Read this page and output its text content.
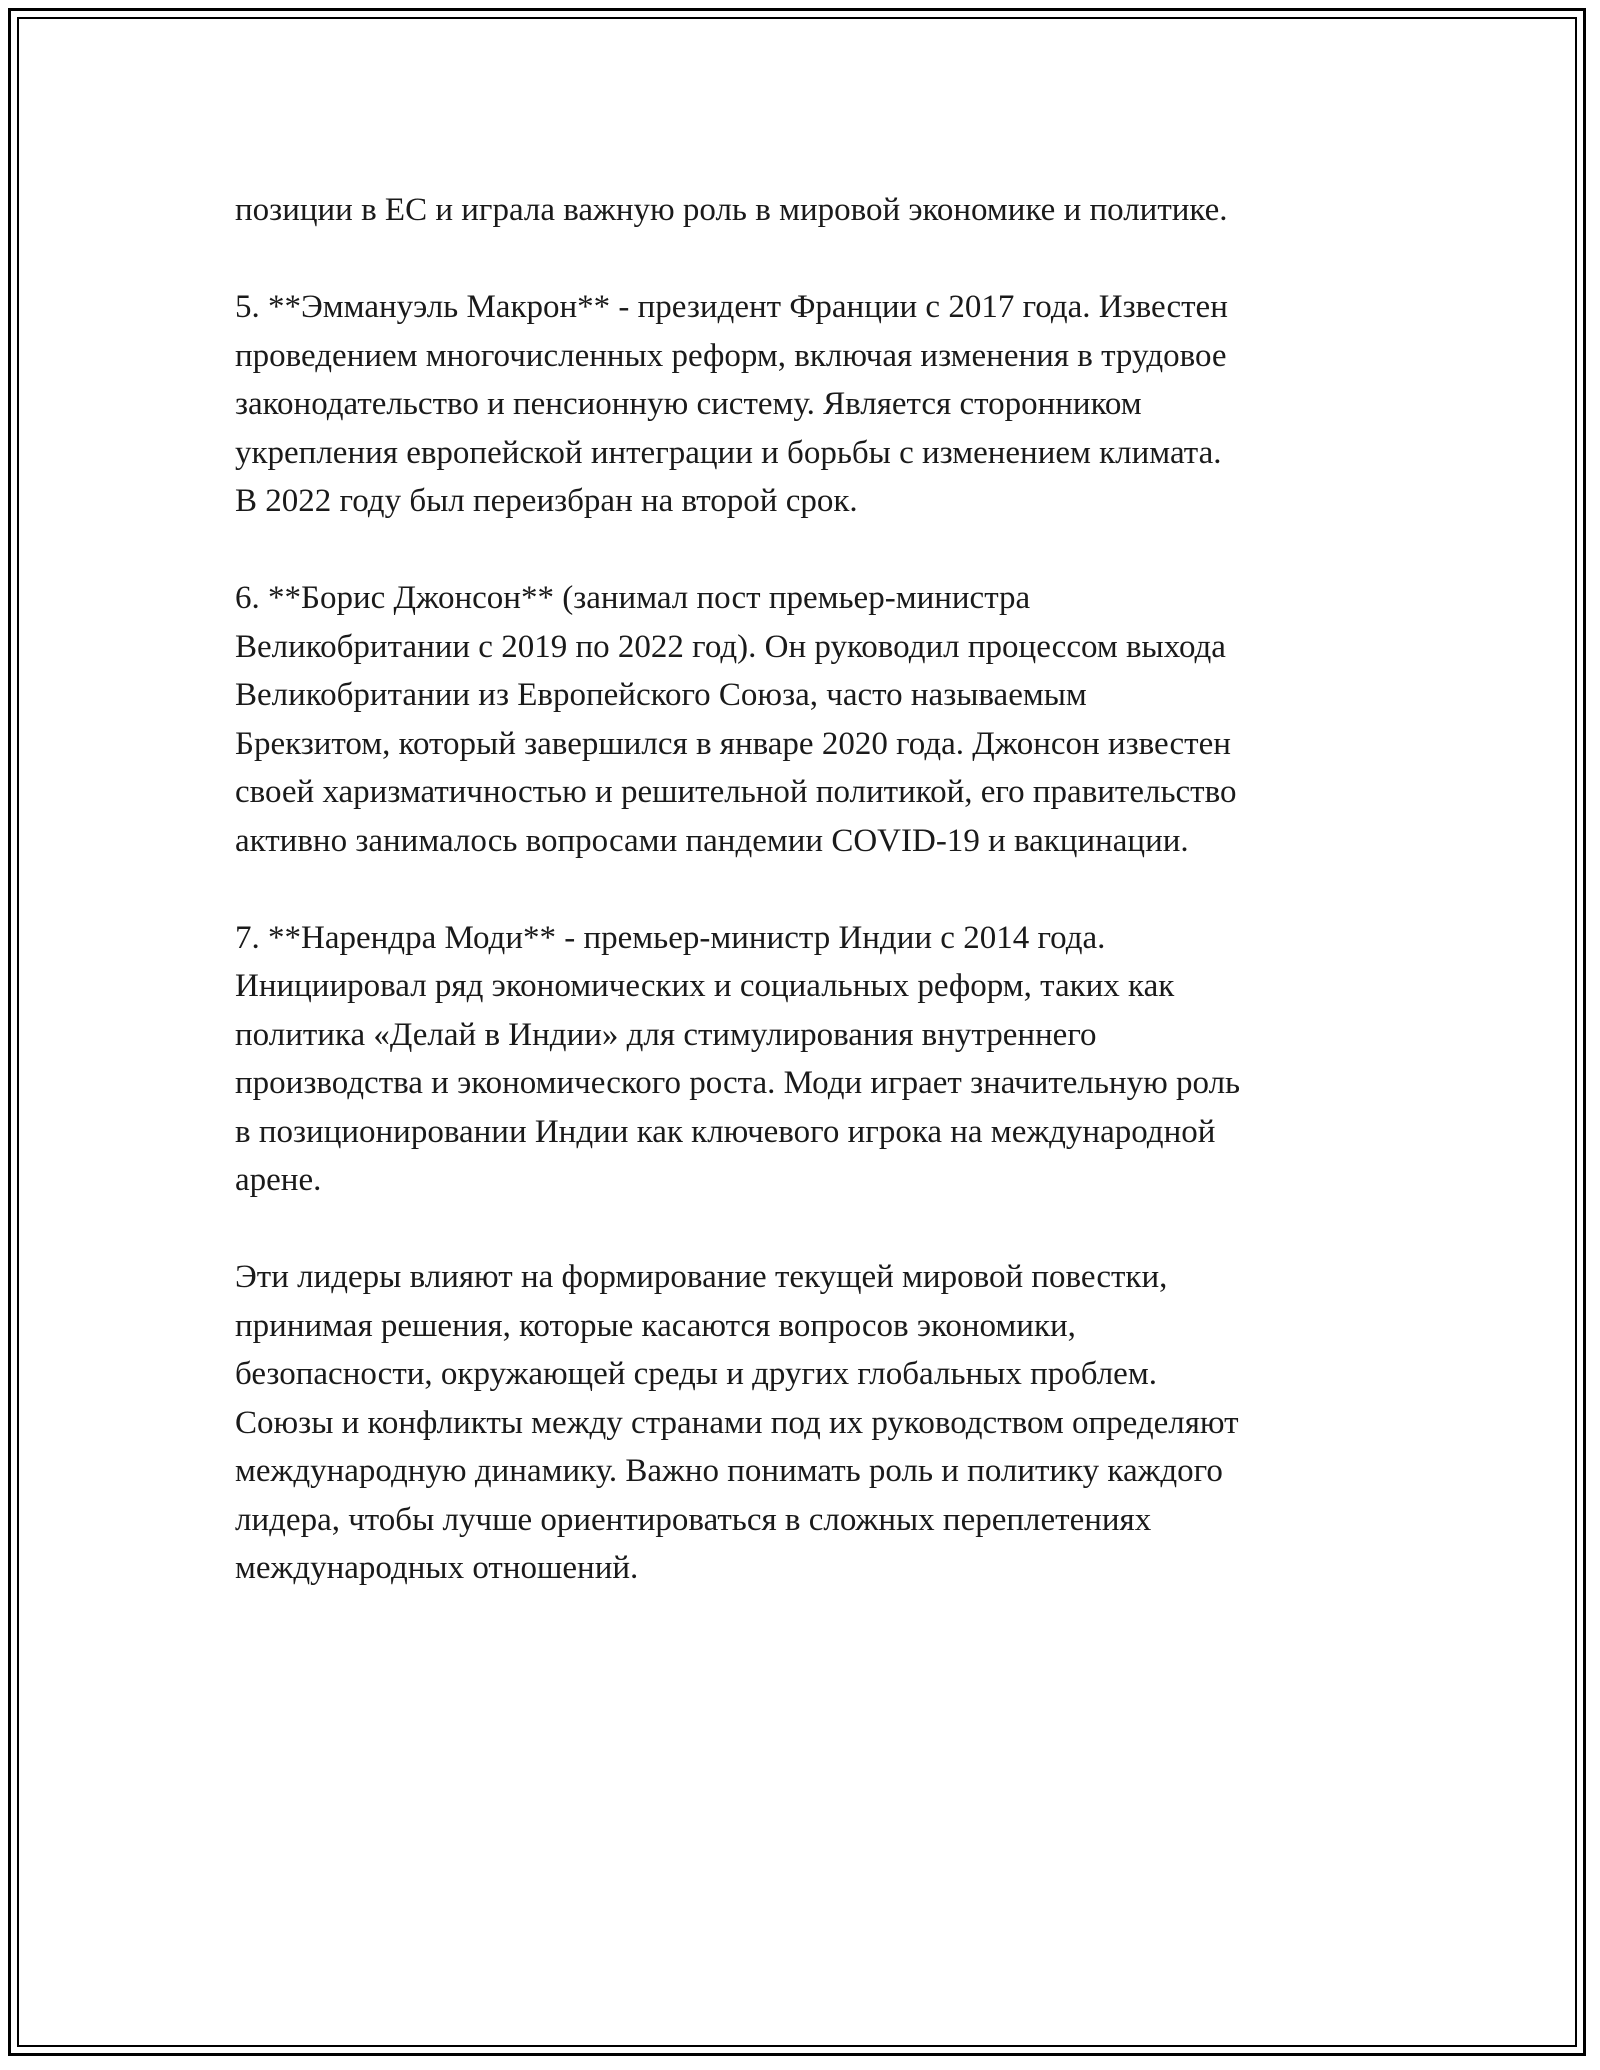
позиции в ЕС и играла важную роль в мировой экономике и политике.

5. **Эммануэль Макрон** - президент Франции с 2017 года. Известен
проведением многочисленных реформ, включая изменения в трудовое
законодательство и пенсионную систему. Является сторонником
укрепления европейской интеграции и борьбы с изменением климата.
В 2022 году был переизбран на второй срок.

6. **Борис Джонсон** (занимал пост премьер-министра
Великобритании с 2019 по 2022 год). Он руководил процессом выхода
Великобритании из Европейского Союза, часто называемым
Брекзитом, который завершился в январе 2020 года. Джонсон известен
своей харизматичностью и решительной политикой, его правительство
активно занималось вопросами пандемии COVID-19 и вакцинации.

7. **Нарендра Моди** - премьер-министр Индии с 2014 года.
Инициировал ряд экономических и социальных реформ, таких как
политика «Делай в Индии» для стимулирования внутреннего
производства и экономического роста. Моди играет значительную роль
в позиционировании Индии как ключевого игрока на международной
арене.

Эти лидеры влияют на формирование текущей мировой повестки,
принимая решения, которые касаются вопросов экономики,
безопасности, окружающей среды и других глобальных проблем.
Союзы и конфликты между странами под их руководством определяют
международную динамику. Важно понимать роль и политику каждого
лидера, чтобы лучше ориентироваться в сложных переплетениях
международных отношений.
